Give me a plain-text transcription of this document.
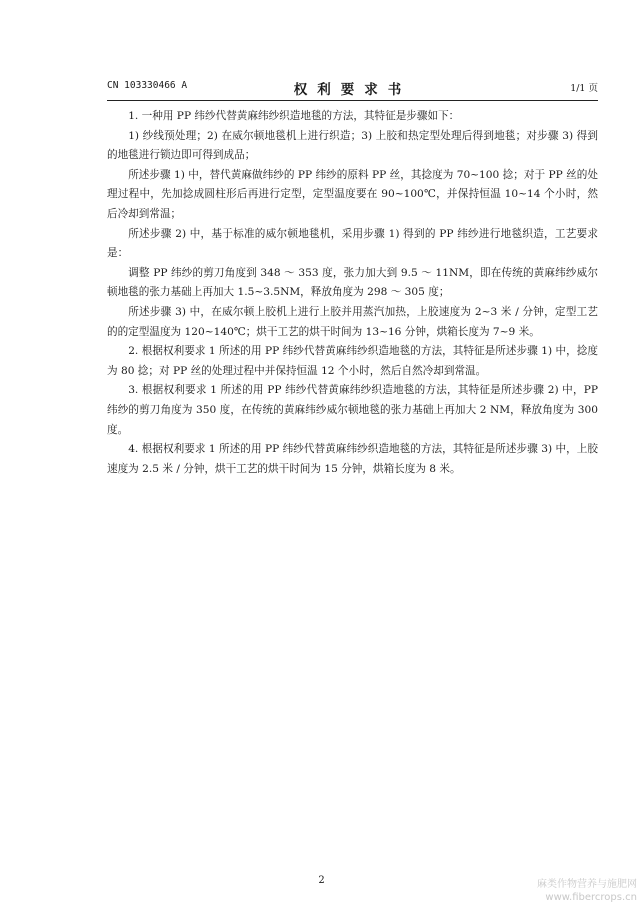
CN 103330466 A	权利要求书	1/1 页

1. 一种用 PP 纬纱代替黄麻纬纱织造地毯的方法，其特征是步骤如下：

1) 纱线预处理；2) 在威尔顿地毯机上进行织造；3) 上胶和热定型处理后得到地毯；对步骤 3) 得到的地毯进行锁边即可得到成品；

所述步骤 1) 中，替代黄麻做纬纱的 PP 纬纱的原料 PP 丝，其捻度为 70~100 捻；对于 PP 丝的处理过程中，先加捻成圆柱形后再进行定型，定型温度要在 90~100℃，并保持恒温 10~14 个小时，然后冷却到常温；

所述步骤 2) 中，基于标准的威尔顿地毯机，采用步骤 1) 得到的 PP 纬纱进行地毯织造，工艺要求是：

调整 PP 纬纱的剪刀角度到 348 ～ 353 度，张力加大到 9.5 ～ 11NM，即在传统的黄麻纬纱威尔顿地毯的张力基础上再加大 1.5~3.5NM，释放角度为 298 ～ 305 度；

所述步骤 3) 中，在威尔顿上胶机上进行上胶并用蒸汽加热，上胶速度为 2~3 米 / 分钟，定型工艺的的定型温度为 120~140℃；烘干工艺的烘干时间为 13~16 分钟，烘箱长度为 7~9 米。

2. 根据权利要求 1 所述的用 PP 纬纱代替黄麻纬纱织造地毯的方法，其特征是所述步骤 1) 中，捻度为 80 捻；对 PP 丝的处理过程中并保持恒温 12 个小时，然后自然冷却到常温。

3. 根据权利要求 1 所述的用 PP 纬纱代替黄麻纬纱织造地毯的方法，其特征是所述步骤 2) 中，PP 纬纱的剪刀角度为 350 度，在传统的黄麻纬纱威尔顿地毯的张力基础上再加大 2 NM，释放角度为 300 度。

4. 根据权利要求 1 所述的用 PP 纬纱代替黄麻纬纱织造地毯的方法，其特征是所述步骤 3) 中，上胶速度为 2.5 米 / 分钟，烘干工艺的烘干时间为 15 分钟，烘箱长度为 8 米。

2	麻类作物营养与施肥网
www.fibercrops.cn
